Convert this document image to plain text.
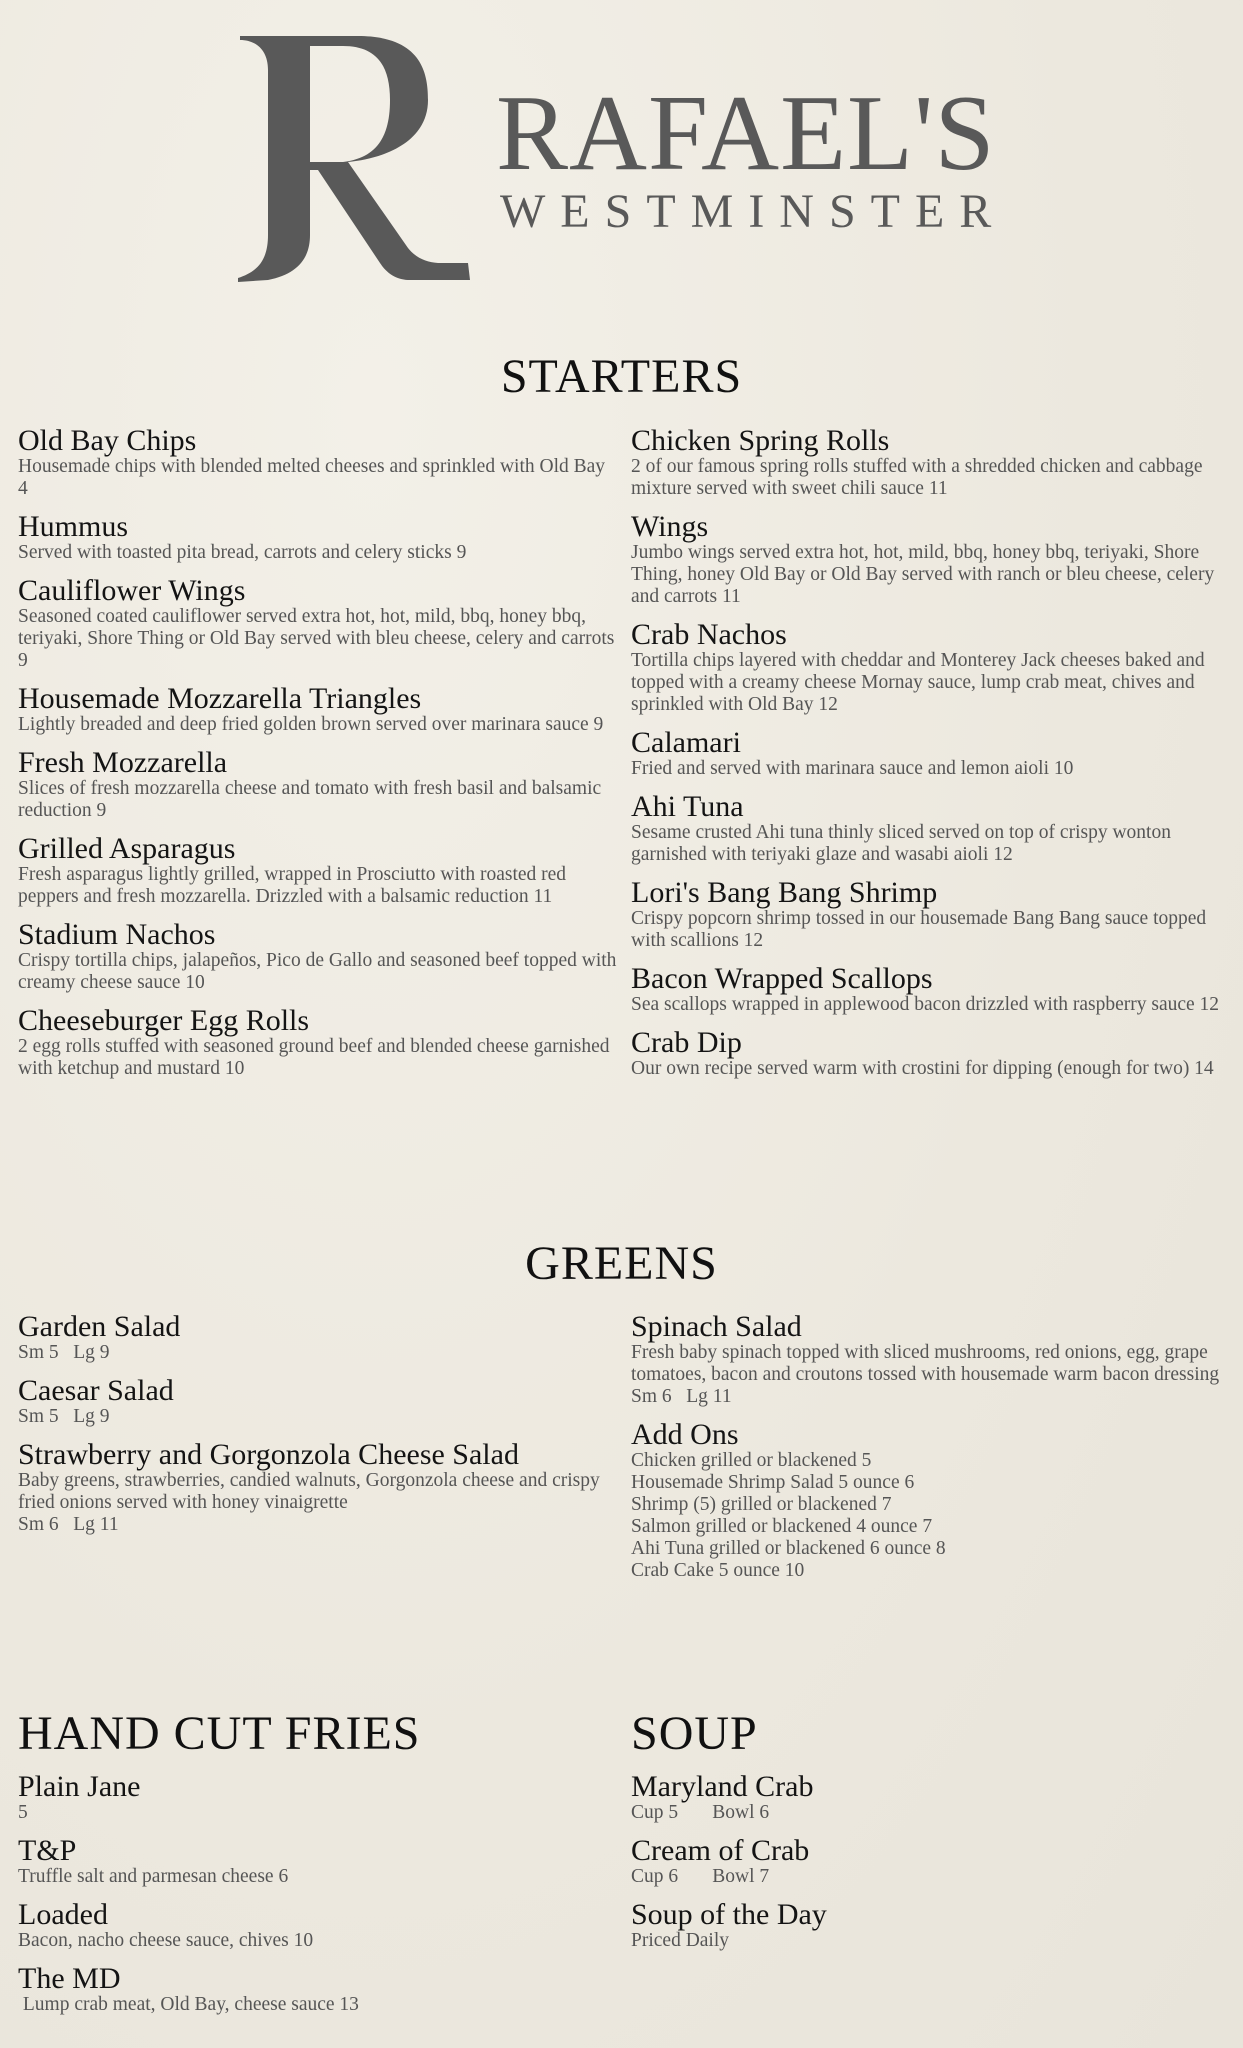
RAFAEL'S
WESTMINSTER
STARTERS
Old Bay Chips
Housemade chips with blended melted cheeses and sprinkled with Old Bay 4
Hummus
Served with toasted pita bread, carrots and celery sticks 9
Cauliflower Wings
Seasoned coated cauliflower served extra hot, hot, mild, bbq, honey bbq, teriyaki, Shore Thing or Old Bay served with bleu cheese, celery and carrots 9
Housemade Mozzarella Triangles
Lightly breaded and deep fried golden brown served over marinara sauce 9
Fresh Mozzarella
Slices of fresh mozzarella cheese and tomato with fresh basil and balsamic reduction 9
Grilled Asparagus
Fresh asparagus lightly grilled, wrapped in Prosciutto with roasted red peppers and fresh mozzarella. Drizzled with a balsamic reduction 11
Stadium Nachos
Crispy tortilla chips, jalapeños, Pico de Gallo and seasoned beef topped with creamy cheese sauce 10
Cheeseburger Egg Rolls
2 egg rolls stuffed with seasoned ground beef and blended cheese garnished with ketchup and mustard 10
Chicken Spring Rolls
2 of our famous spring rolls stuffed with a shredded chicken and cabbage mixture served with sweet chili sauce 11
Wings
Jumbo wings served extra hot, hot, mild, bbq, honey bbq, teriyaki, Shore Thing, honey Old Bay or Old Bay served with ranch or bleu cheese, celery and carrots 11
Crab Nachos
Tortilla chips layered with cheddar and Monterey Jack cheeses baked and topped with a creamy cheese Mornay sauce, lump crab meat, chives and sprinkled with Old Bay 12
Calamari
Fried and served with marinara sauce and lemon aioli 10
Ahi Tuna
Sesame crusted Ahi tuna thinly sliced served on top of crispy wonton garnished with teriyaki glaze and wasabi aioli 12
Lori's Bang Bang Shrimp
Crispy popcorn shrimp tossed in our housemade Bang Bang sauce topped with scallions 12
Bacon Wrapped Scallops
Sea scallops wrapped in applewood bacon drizzled with raspberry sauce 12
Crab Dip
Our own recipe served warm with crostini for dipping (enough for two) 14
GREENS
Garden Salad
Sm 5 Lg 9
Caesar Salad
Sm 5 Lg 9
Strawberry and Gorgonzola Cheese Salad
Baby greens, strawberries, candied walnuts, Gorgonzola cheese and crispy fried onions served with honey vinaigrette
Sm 6 Lg 11
Spinach Salad
Fresh baby spinach topped with sliced mushrooms, red onions, egg, grape tomatoes, bacon and croutons tossed with housemade warm bacon dressing
Sm 6 Lg 11
Add Ons
Chicken grilled or blackened 5
Housemade Shrimp Salad 5 ounce 6
Shrimp (5) grilled or blackened 7
Salmon grilled or blackened 4 ounce 7
Ahi Tuna grilled or blackened 6 ounce 8
Crab Cake 5 ounce 10
HAND CUT FRIES
Plain Jane
5
T&P
Truffle salt and parmesan cheese 6
Loaded
Bacon, nacho cheese sauce, chives 10
The MD
Lump crab meat, Old Bay, cheese sauce 13
SOUP
Maryland Crab
Cup 5 Bowl 6
Cream of Crab
Cup 6 Bowl 7
Soup of the Day
Priced Daily
